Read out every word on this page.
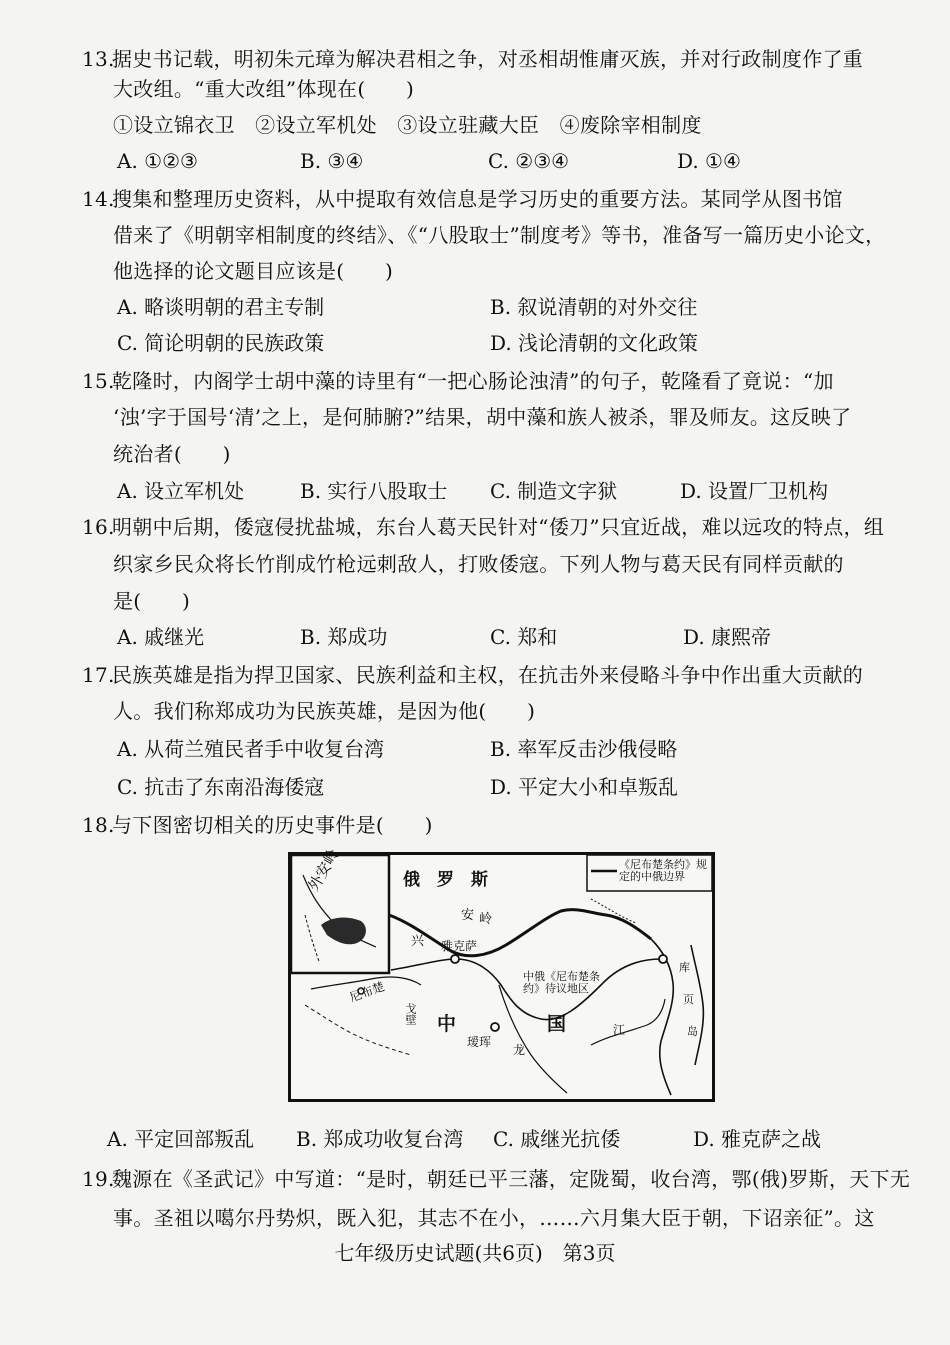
13.据史书记载，明初朱元璋为解决君相之争，对丞相胡惟庸灭族，并对行政制度作了重
大改组。“重大改组”体现在(　　)
①设立锦衣卫　②设立军机处　③设立驻藏大臣　④废除宰相制度
A. ①②③	B. ③④	C. ②③④	D. ①④
14.搜集和整理历史资料，从中提取有效信息是学习历史的重要方法。某同学从图书馆
借来了《明朝宰相制度的终结》、《“八股取士”制度考》等书，准备写一篇历史小论文，
他选择的论文题目应该是(　　)
A. 略谈明朝的君主专制	B. 叙说清朝的对外交往
C. 简论明朝的民族政策	D. 浅论清朝的文化政策
15.乾隆时，内阁学士胡中藻的诗里有“一把心肠论浊清”的句子，乾隆看了竟说：“加
‘浊’字于国号‘清’之上，是何肺腑?”结果，胡中藻和族人被杀，罪及师友。这反映了
统治者(　　)
A. 设立军机处	B. 实行八股取士 C. 制造文字狱	D. 设置厂卫机构
16.明朝中后期，倭寇侵扰盐城，东台人葛天民针对“倭刀”只宜近战，难以远攻的特点，组
织家乡民众将长竹削成竹枪远刺敌人，打败倭寇。下列人物与葛天民有同样贡献的
是(　　)
A. 戚继光	B. 郑成功	C. 郑和	D. 康熙帝
17.民族英雄是指为捍卫国家、民族利益和主权，在抗击外来侵略斗争中作出重大贡献的
人。我们称郑成功为民族英雄，是因为他(　　)
A. 从荷兰殖民者手中收复台湾	B. 率军反击沙俄侵略
C. 抗击了东南沿海倭寇	D. 平定大小和卓叛乱
18.与下图密切相关的历史事件是(　　)
外安岭	俄　罗　斯
《尼布楚条约》规定的中俄边界
安 岭
兴 雅克萨
尼布楚
戈壁
中俄《尼布楚条约》待议地区
中	国
瑷珲
江
龙
库
页
岛
A. 平定回部叛乱 B. 郑成功收复台湾 C. 戚继光抗倭	D. 雅克萨之战
19.魏源在《圣武记》中写道：“是时，朝廷已平三藩，定陇蜀，收台湾，鄂(俄)罗斯，天下无
事。圣祖以噶尔丹势炽，既入犯，其志不在小，……六月集大臣于朝，下诏亲征”。这
七年级历史试题(共6页)　第3页
